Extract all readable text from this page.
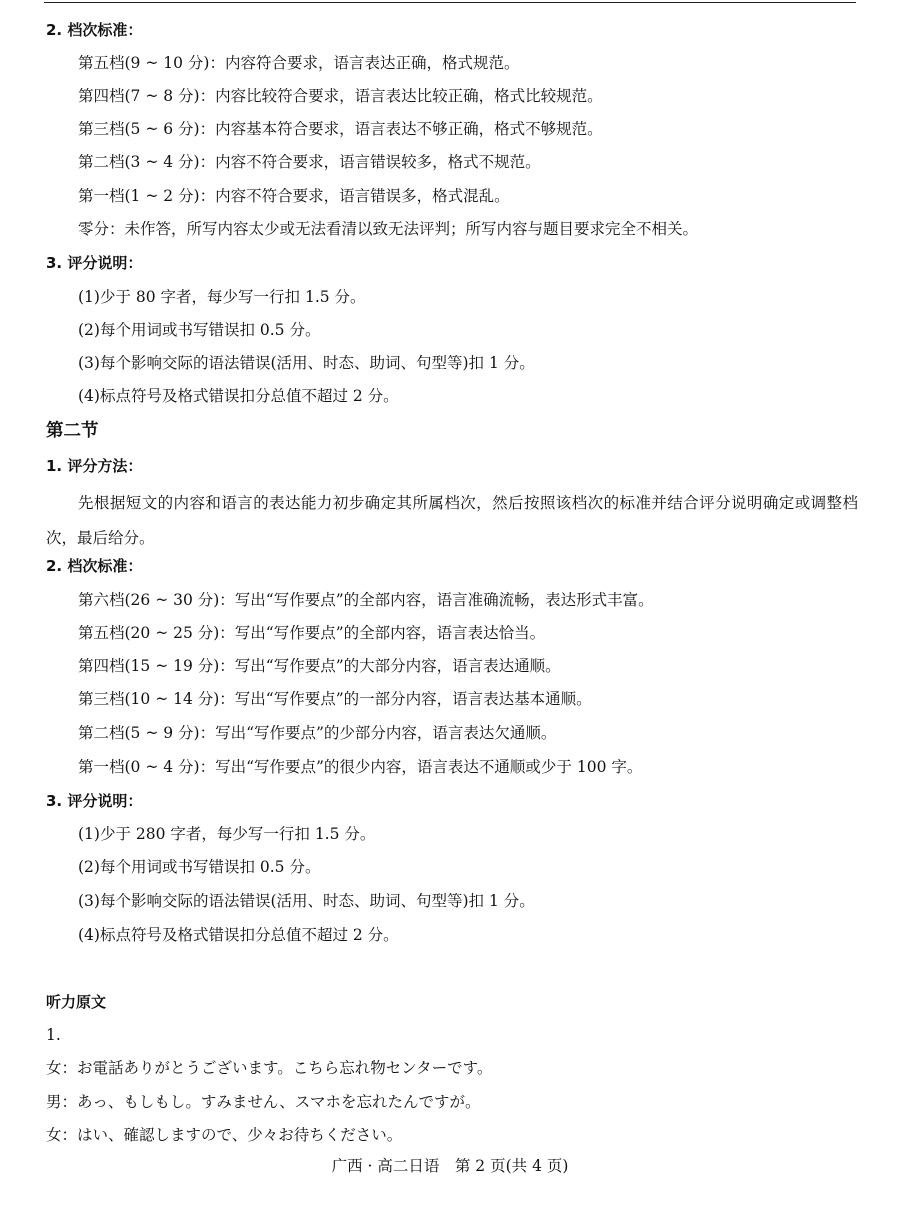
2. 档次标准：
第五档(9 ~ 10 分)：内容符合要求，语言表达正确，格式规范。
第四档(7 ~ 8 分)：内容比较符合要求，语言表达比较正确，格式比较规范。
第三档(5 ~ 6 分)：内容基本符合要求，语言表达不够正确，格式不够规范。
第二档(3 ~ 4 分)：内容不符合要求，语言错误较多，格式不规范。
第一档(1 ~ 2 分)：内容不符合要求，语言错误多，格式混乱。
零分：未作答，所写内容太少或无法看清以致无法评判；所写内容与题目要求完全不相关。
3. 评分说明：
(1)少于 80 字者，每少写一行扣 1.5 分。
(2)每个用词或书写错误扣 0.5 分。
(3)每个影响交际的语法错误(活用、时态、助词、句型等)扣 1 分。
(4)标点符号及格式错误扣分总值不超过 2 分。
第二节
1. 评分方法：
先根据短文的内容和语言的表达能力初步确定其所属档次，然后按照该档次的标准并结合评分说明确定或调整档次，最后给分。
2. 档次标准：
第六档(26 ~ 30 分)：写出“写作要点”的全部内容，语言准确流畅，表达形式丰富。
第五档(20 ~ 25 分)：写出“写作要点”的全部内容，语言表达恰当。
第四档(15 ~ 19 分)：写出“写作要点”的大部分内容，语言表达通顺。
第三档(10 ~ 14 分)：写出“写作要点”的一部分内容，语言表达基本通顺。
第二档(5 ~ 9 分)：写出“写作要点”的少部分内容，语言表达欠通顺。
第一档(0 ~ 4 分)：写出“写作要点”的很少内容，语言表达不通顺或少于 100 字。
3. 评分说明：
(1)少于 280 字者，每少写一行扣 1.5 分。
(2)每个用词或书写错误扣 0.5 分。
(3)每个影响交际的语法错误(活用、时态、助词、句型等)扣 1 分。
(4)标点符号及格式错误扣分总值不超过 2 分。
听力原文
1.
女：お電話ありがとうございます。こちら忘れ物センターです。
男：あっ、もしもし。すみません、スマホを忘れたんですが。
女：はい、確認しますので、少々お待ちください。
广西 · 高二日语　第 2 页(共 4 页)
